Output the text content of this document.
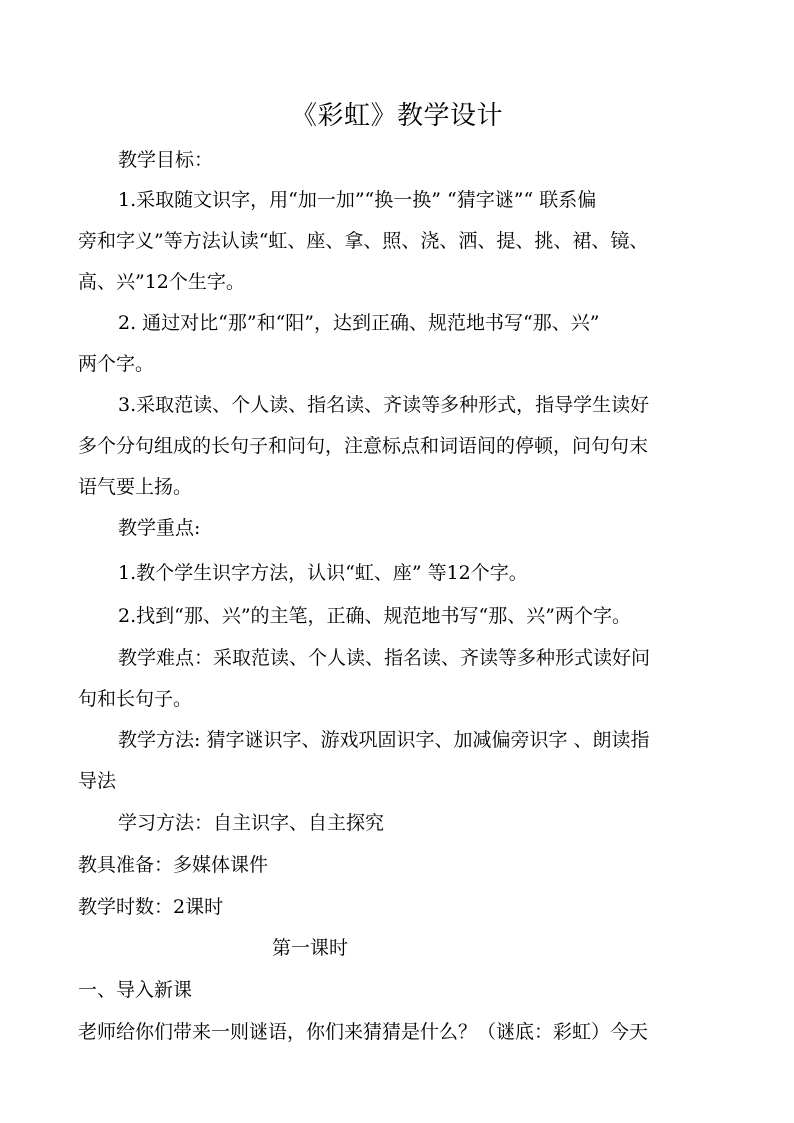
《彩虹》教学设计

教学目标：

1.采取随文识字，用“加一加”“换一换” “猜字谜”“ 联系偏
旁和字义”等方法认读“虹、座、拿、照、浇、洒、提、挑、裙、镜、
高、兴”12个生字。
2. 通过对比“那”和“阳”，达到正确、规范地书写“那、兴”
两个字。
3.采取范读、个人读、指名读、齐读等多种形式，指导学生读好
多个分句组成的长句子和问句，注意标点和词语间的停顿，问句句末
语气要上扬。

教学重点:

1.教个学生识字方法，认识“虹、座” 等12个字。

2.找到“那、兴”的主笔，正确、规范地书写“那、兴”两个字。

教学难点：采取范读、个人读、指名读、齐读等多种形式读好问
句和长句子。
教学方法: 猜字谜识字、游戏巩固识字、加减偏旁识字 、朗读指
导法

学习方法：自主识字、自主探究

教具准备：多媒体课件

教学时数：2课时

第一课时

一、导入新课

老师给你们带来一则谜语，你们来猜猜是什么？（谜底：彩虹）今天
